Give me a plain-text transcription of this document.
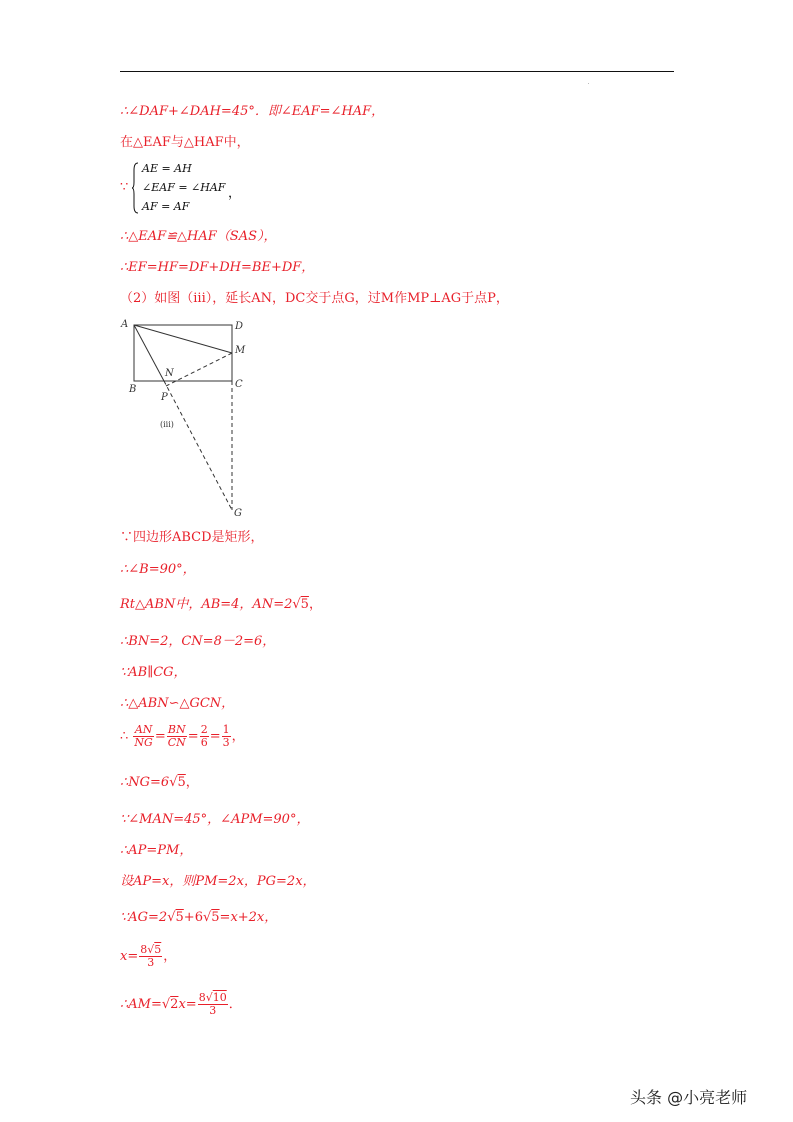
∴∠DAF+∠DAH=45°．即∠EAF=∠HAF，
在△EAF与△HAF中，
∵
AE = AH
∠EAF = ∠HAF
AF = AF
，
∴△EAF≌△HAF（SAS），
∴EF=HF=DF+DH=BE+DF，
（2）如图（iii），延长AN，DC交于点G，过M作MP⊥AG于点P，
A	D
M
N
B	C
P
G
(iii)
∵四边形ABCD是矩形，
∴∠B=90°，
Rt△ABN中，AB=4，AN=2√5，
∴BN=2，CN=8－2=6，
∵AB∥CG，
∴△ABN∽△GCN，
∴ $\frac{AN}{NG} = \frac{BN}{CN} = \frac{2}{6} = \frac{1}{3}$ ，
∴NG=6√5，
∵∠MAN=45°，∠APM=90°，
∴AP=PM，
设AP=x，则PM=2x，PG=2x，
∵AG=2√5+6√5=x+2x，
$x= \frac{8√5}{3}$ ，
∴AM=√2x= $\frac{8√10}{3}$ ．
头条 @小亮老师
